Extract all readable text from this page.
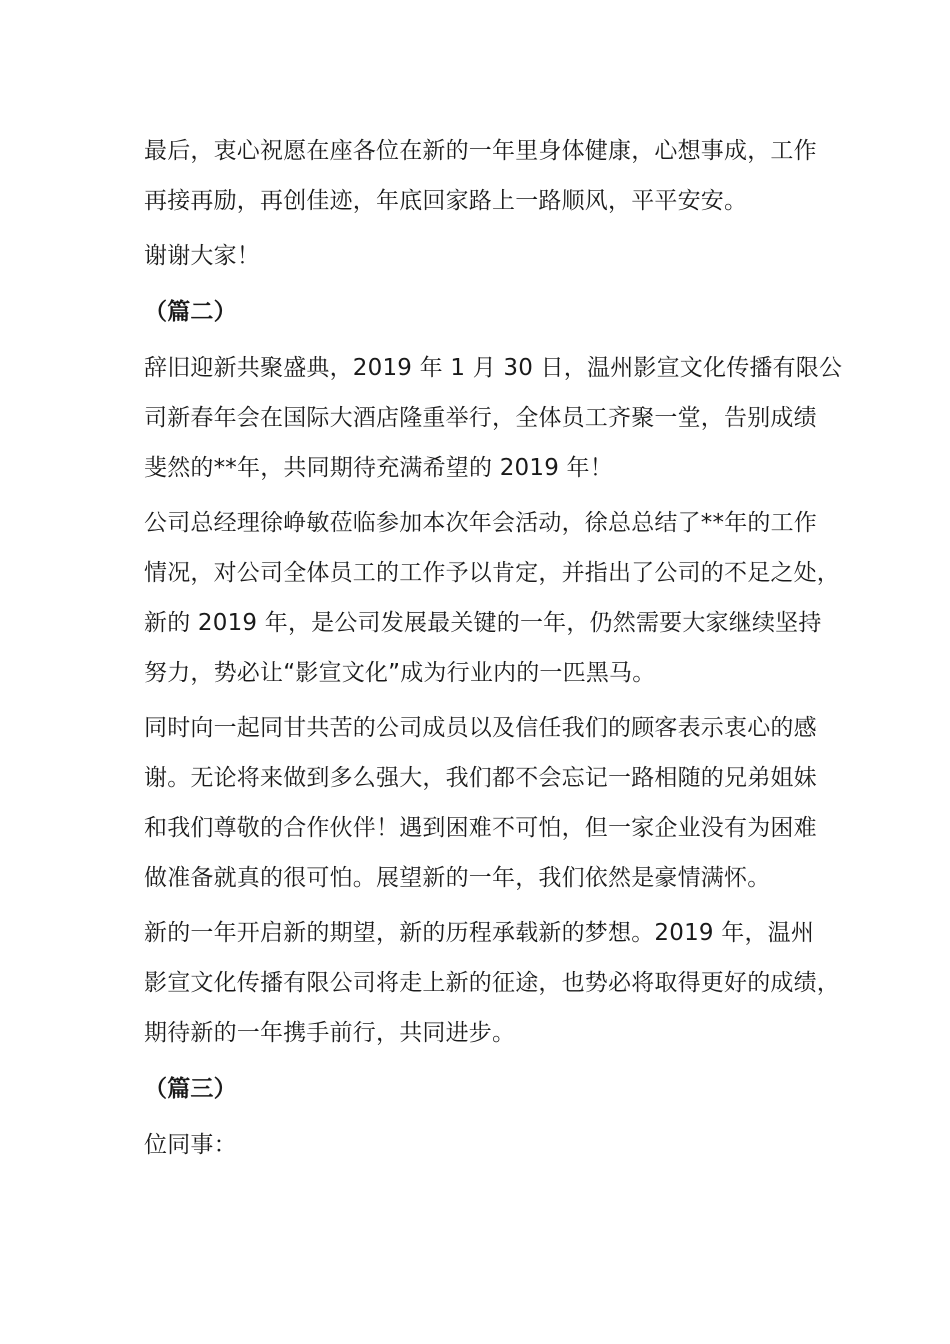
最后，衷心祝愿在座各位在新的一年里身体健康，心想事成，工作
再接再励，再创佳迹，年底回家路上一路顺风，平平安安。
谢谢大家！
（篇二）
辞旧迎新共聚盛典，2019 年 1 月 30 日，温州影宣文化传播有限公
司新春年会在国际大酒店隆重举行，全体员工齐聚一堂，告别成绩
斐然的**年，共同期待充满希望的 2019 年！
公司总经理徐峥敏莅临参加本次年会活动，徐总总结了**年的工作
情况，对公司全体员工的工作予以肯定，并指出了公司的不足之处，
新的 2019 年，是公司发展最关键的一年，仍然需要大家继续坚持
努力，势必让“影宣文化”成为行业内的一匹黑马。
同时向一起同甘共苦的公司成员以及信任我们的顾客表示衷心的感
谢。无论将来做到多么强大，我们都不会忘记一路相随的兄弟姐妹
和我们尊敬的合作伙伴！遇到困难不可怕，但一家企业没有为困难
做准备就真的很可怕。展望新的一年，我们依然是豪情满怀。
新的一年开启新的期望，新的历程承载新的梦想。2019 年，温州
影宣文化传播有限公司将走上新的征途，也势必将取得更好的成绩，
期待新的一年携手前行，共同进步。
（篇三）
位同事：
